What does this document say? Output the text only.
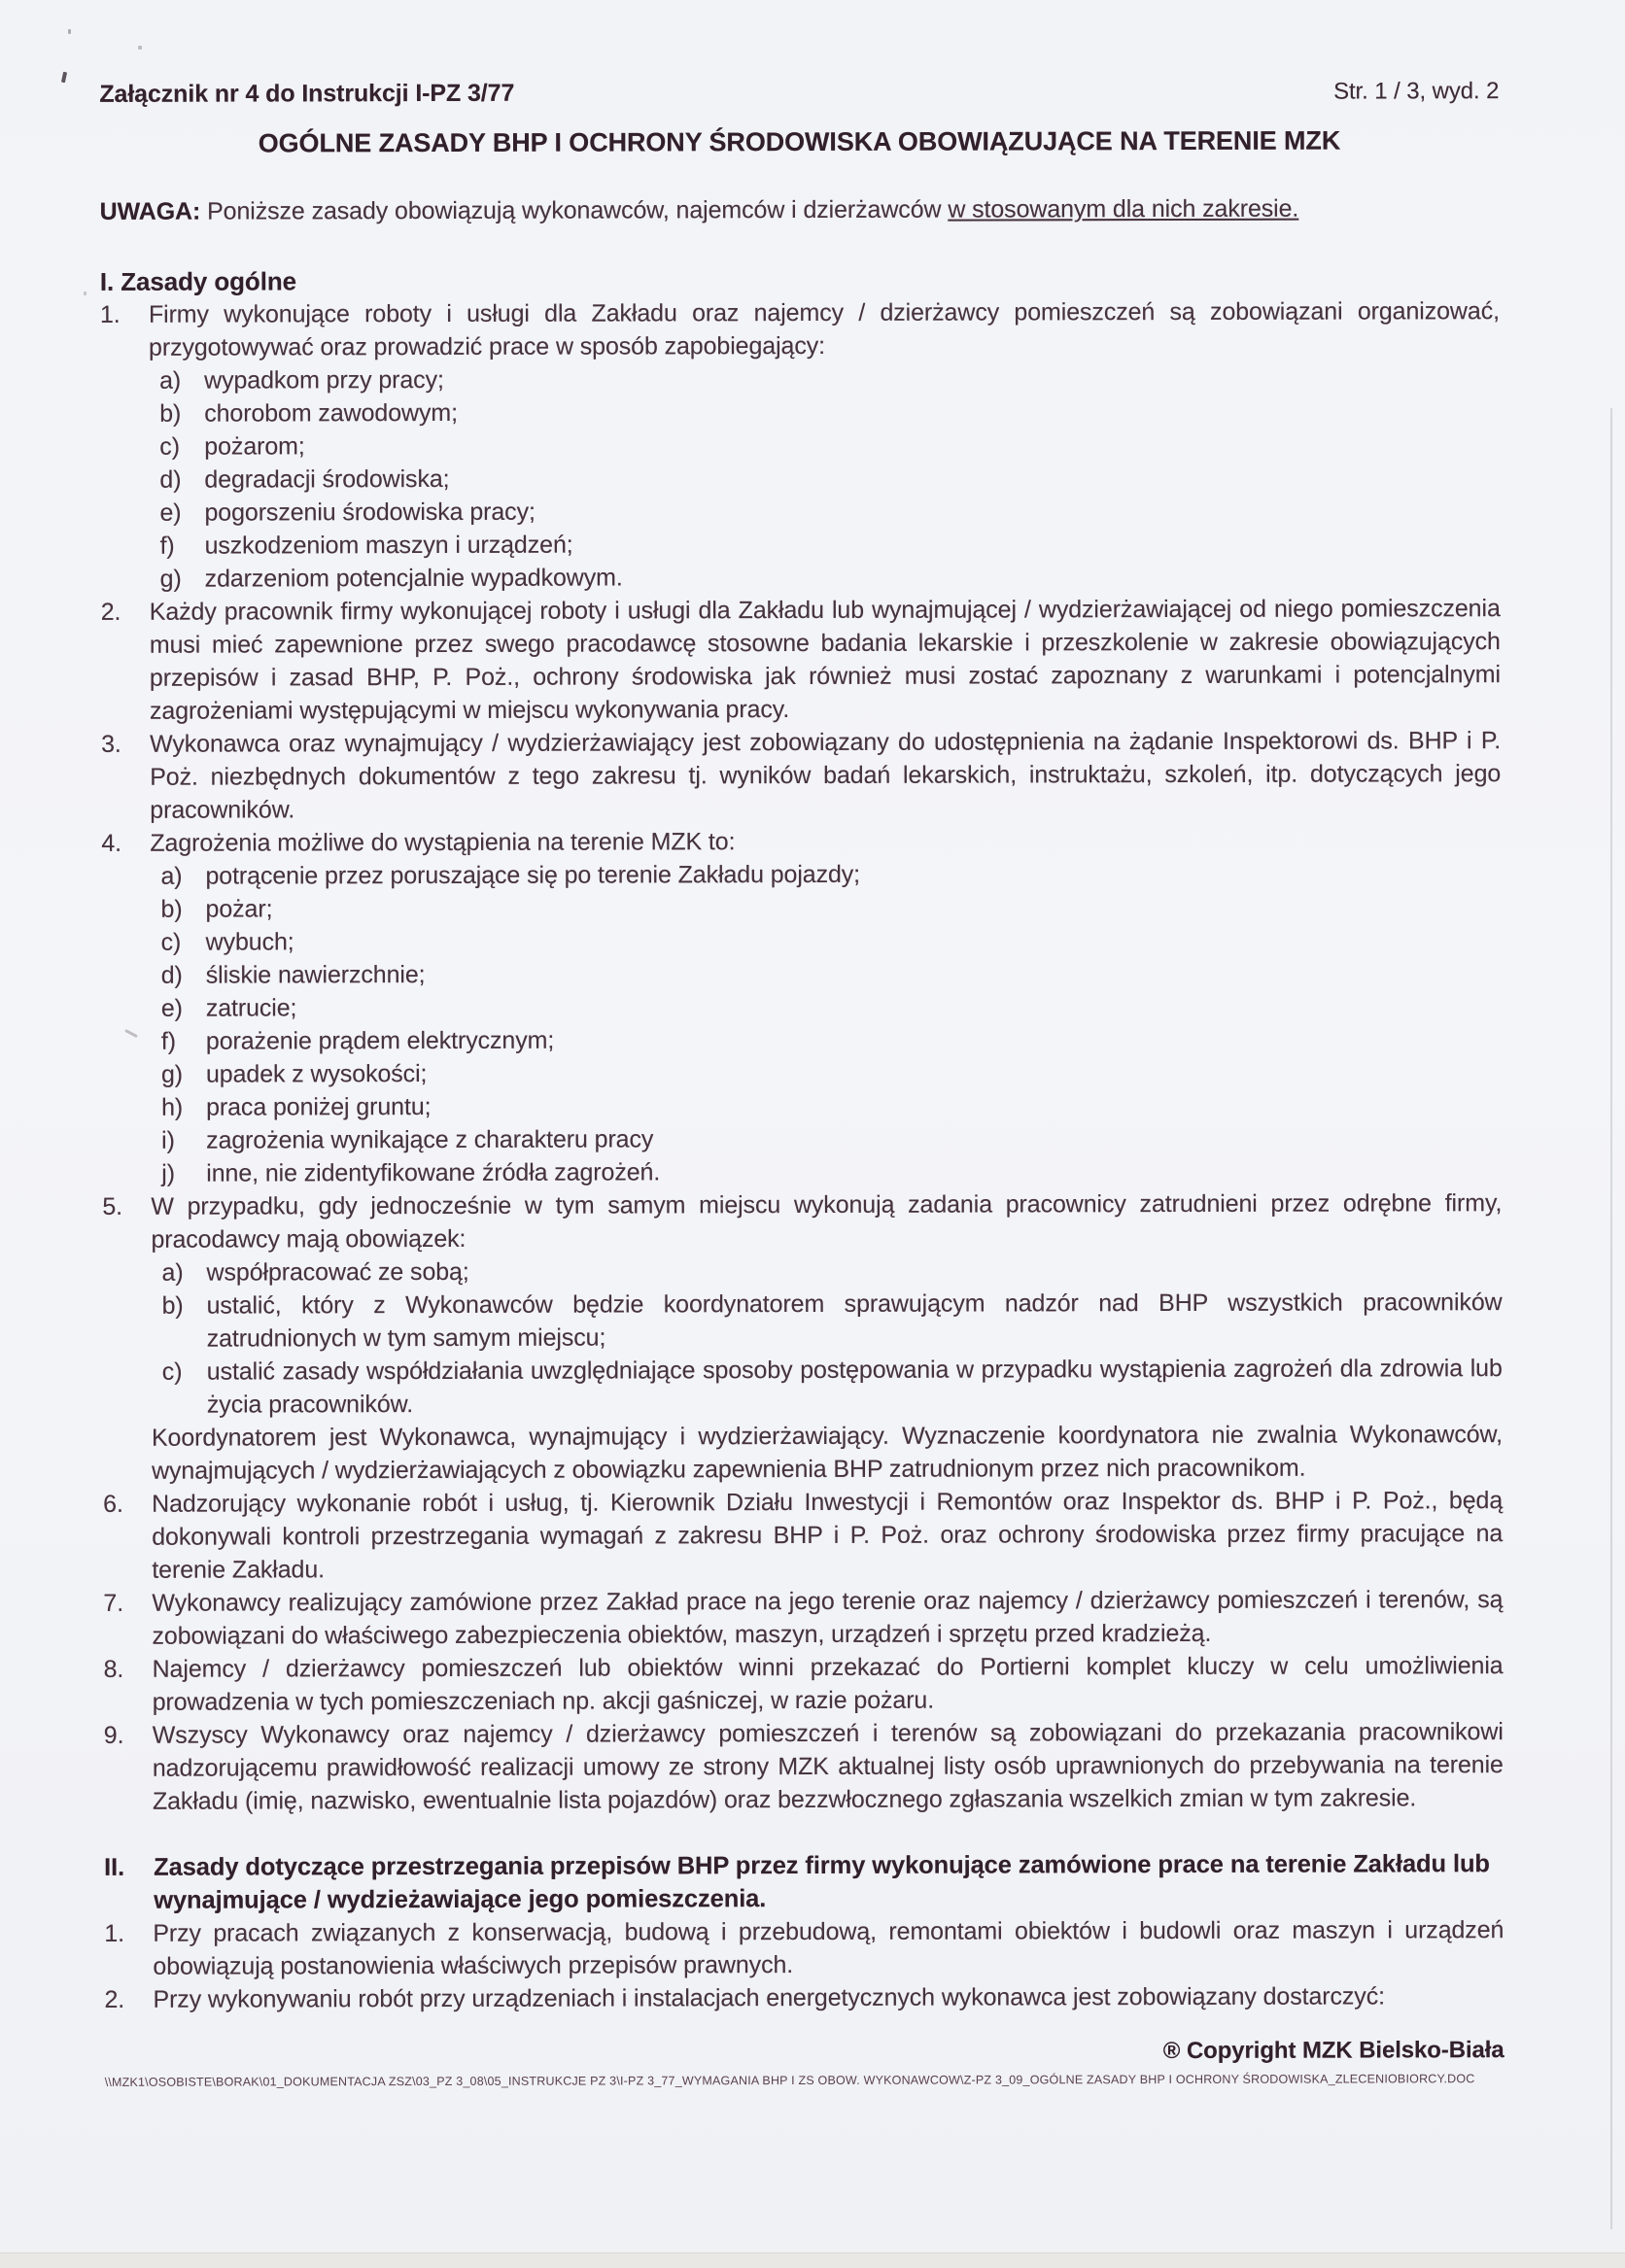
Załącznik nr 4 do Instrukcji I-PZ 3/77	Str. 1 / 3, wyd. 2
OGÓLNE ZASADY BHP I OCHRONY ŚRODOWISKA OBOWIĄZUJĄCE NA TERENIE MZK
UWAGA: Poniższe zasady obowiązują wykonawców, najemców i dzierżawców w stosowanym dla nich zakresie.
I. Zasady ogólne
1.	Firmy wykonujące roboty i usługi dla Zakładu oraz najemcy / dzierżawcy pomieszczeń są zobowiązani organizować, przygotowywać oraz prowadzić prace w sposób zapobiegający:
a) wypadkom przy pracy;
b) chorobom zawodowym;
c)	pożarom;
d) degradacji środowiska;
e) pogorszeniu środowiska pracy;
f)	uszkodzeniom maszyn i urządzeń;
g) zdarzeniom potencjalnie wypadkowym.
2.	Każdy pracownik firmy wykonującej roboty i usługi dla Zakładu lub wynajmującej / wydzierżawiającej od niego pomieszczenia musi mieć zapewnione przez swego pracodawcę stosowne badania lekarskie i przeszkolenie w zakresie obowiązujących przepisów i zasad BHP, P. Poż., ochrony środowiska jak również musi zostać zapoznany z warunkami i potencjalnymi zagrożeniami występującymi w miejscu wykonywania pracy.
3.	Wykonawca oraz wynajmujący / wydzierżawiający jest zobowiązany do udostępnienia na żądanie Inspektorowi ds. BHP i P. Poż. niezbędnych dokumentów z tego zakresu tj. wyników badań lekarskich, instruktażu, szkoleń, itp. dotyczących jego pracowników.
4.	Zagrożenia możliwe do wystąpienia na terenie MZK to:
a) potrącenie przez poruszające się po terenie Zakładu pojazdy;
b) pożar;
c)	wybuch;
d) śliskie nawierzchnie;
e) zatrucie;
f)	porażenie prądem elektrycznym;
g) upadek z wysokości;
h) praca poniżej gruntu;
i)	zagrożenia wynikające z charakteru pracy
j)	inne, nie zidentyfikowane źródła zagrożeń.
5.	W przypadku, gdy jednocześnie w tym samym miejscu wykonują zadania pracownicy zatrudnieni przez odrębne firmy, pracodawcy mają obowiązek:
a) współpracować ze sobą;
b) ustalić, który z Wykonawców będzie koordynatorem sprawującym nadzór nad BHP wszystkich pracowników zatrudnionych w tym samym miejscu;
c)	ustalić zasady współdziałania uwzględniające sposoby postępowania w przypadku wystąpienia zagrożeń dla zdrowia lub życia pracowników.
Koordynatorem jest Wykonawca, wynajmujący i wydzierżawiający. Wyznaczenie koordynatora nie zwalnia Wykonawców, wynajmujących / wydzierżawiających z obowiązku zapewnienia BHP zatrudnionym przez nich pracownikom.
6.	Nadzorujący wykonanie robót i usług, tj. Kierownik Działu Inwestycji i Remontów oraz Inspektor ds. BHP i P. Poż., będą dokonywali kontroli przestrzegania wymagań z zakresu BHP i P. Poż. oraz ochrony środowiska przez firmy pracujące na terenie Zakładu.
7.	Wykonawcy realizujący zamówione przez Zakład prace na jego terenie oraz najemcy / dzierżawcy pomieszczeń i terenów, są zobowiązani do właściwego zabezpieczenia obiektów, maszyn, urządzeń i sprzętu przed kradzieżą.
8.	Najemcy / dzierżawcy pomieszczeń lub obiektów winni przekazać do Portierni komplet kluczy w celu umożliwienia prowadzenia w tych pomieszczeniach np. akcji gaśniczej, w razie pożaru.
9.	Wszyscy Wykonawcy oraz najemcy / dzierżawcy pomieszczeń i terenów są zobowiązani do przekazania pracownikowi nadzorującemu prawidłowość realizacji umowy ze strony MZK aktualnej listy osób uprawnionych do przebywania na terenie Zakładu (imię, nazwisko, ewentualnie lista pojazdów) oraz bezzwłocznego zgłaszania wszelkich zmian w tym zakresie.
II.	Zasady dotyczące przestrzegania przepisów BHP przez firmy wykonujące zamówione prace na terenie Zakładu lub wynajmujące / wydzieżawiające jego pomieszczenia.
1.	Przy pracach związanych z konserwacją, budową i przebudową, remontami obiektów i budowli oraz maszyn i urządzeń obowiązują postanowienia właściwych przepisów prawnych.
2.	Przy wykonywaniu robót przy urządzeniach i instalacjach energetycznych wykonawca jest zobowiązany dostarczyć:
® Copyright MZK Bielsko-Biała
\\MZK1\OSOBISTE\BORAK\01_DOKUMENTACJA ZSZ\03_PZ 3_08\05_INSTRUKCJE PZ 3\I-PZ 3_77_WYMAGANIA BHP I ZS OBOW. WYKONAWCOW\Z-PZ 3_09_OGÓLNE ZASADY BHP I OCHRONY ŚRODOWISKA_ZLECENIOBIORCY.DOC
